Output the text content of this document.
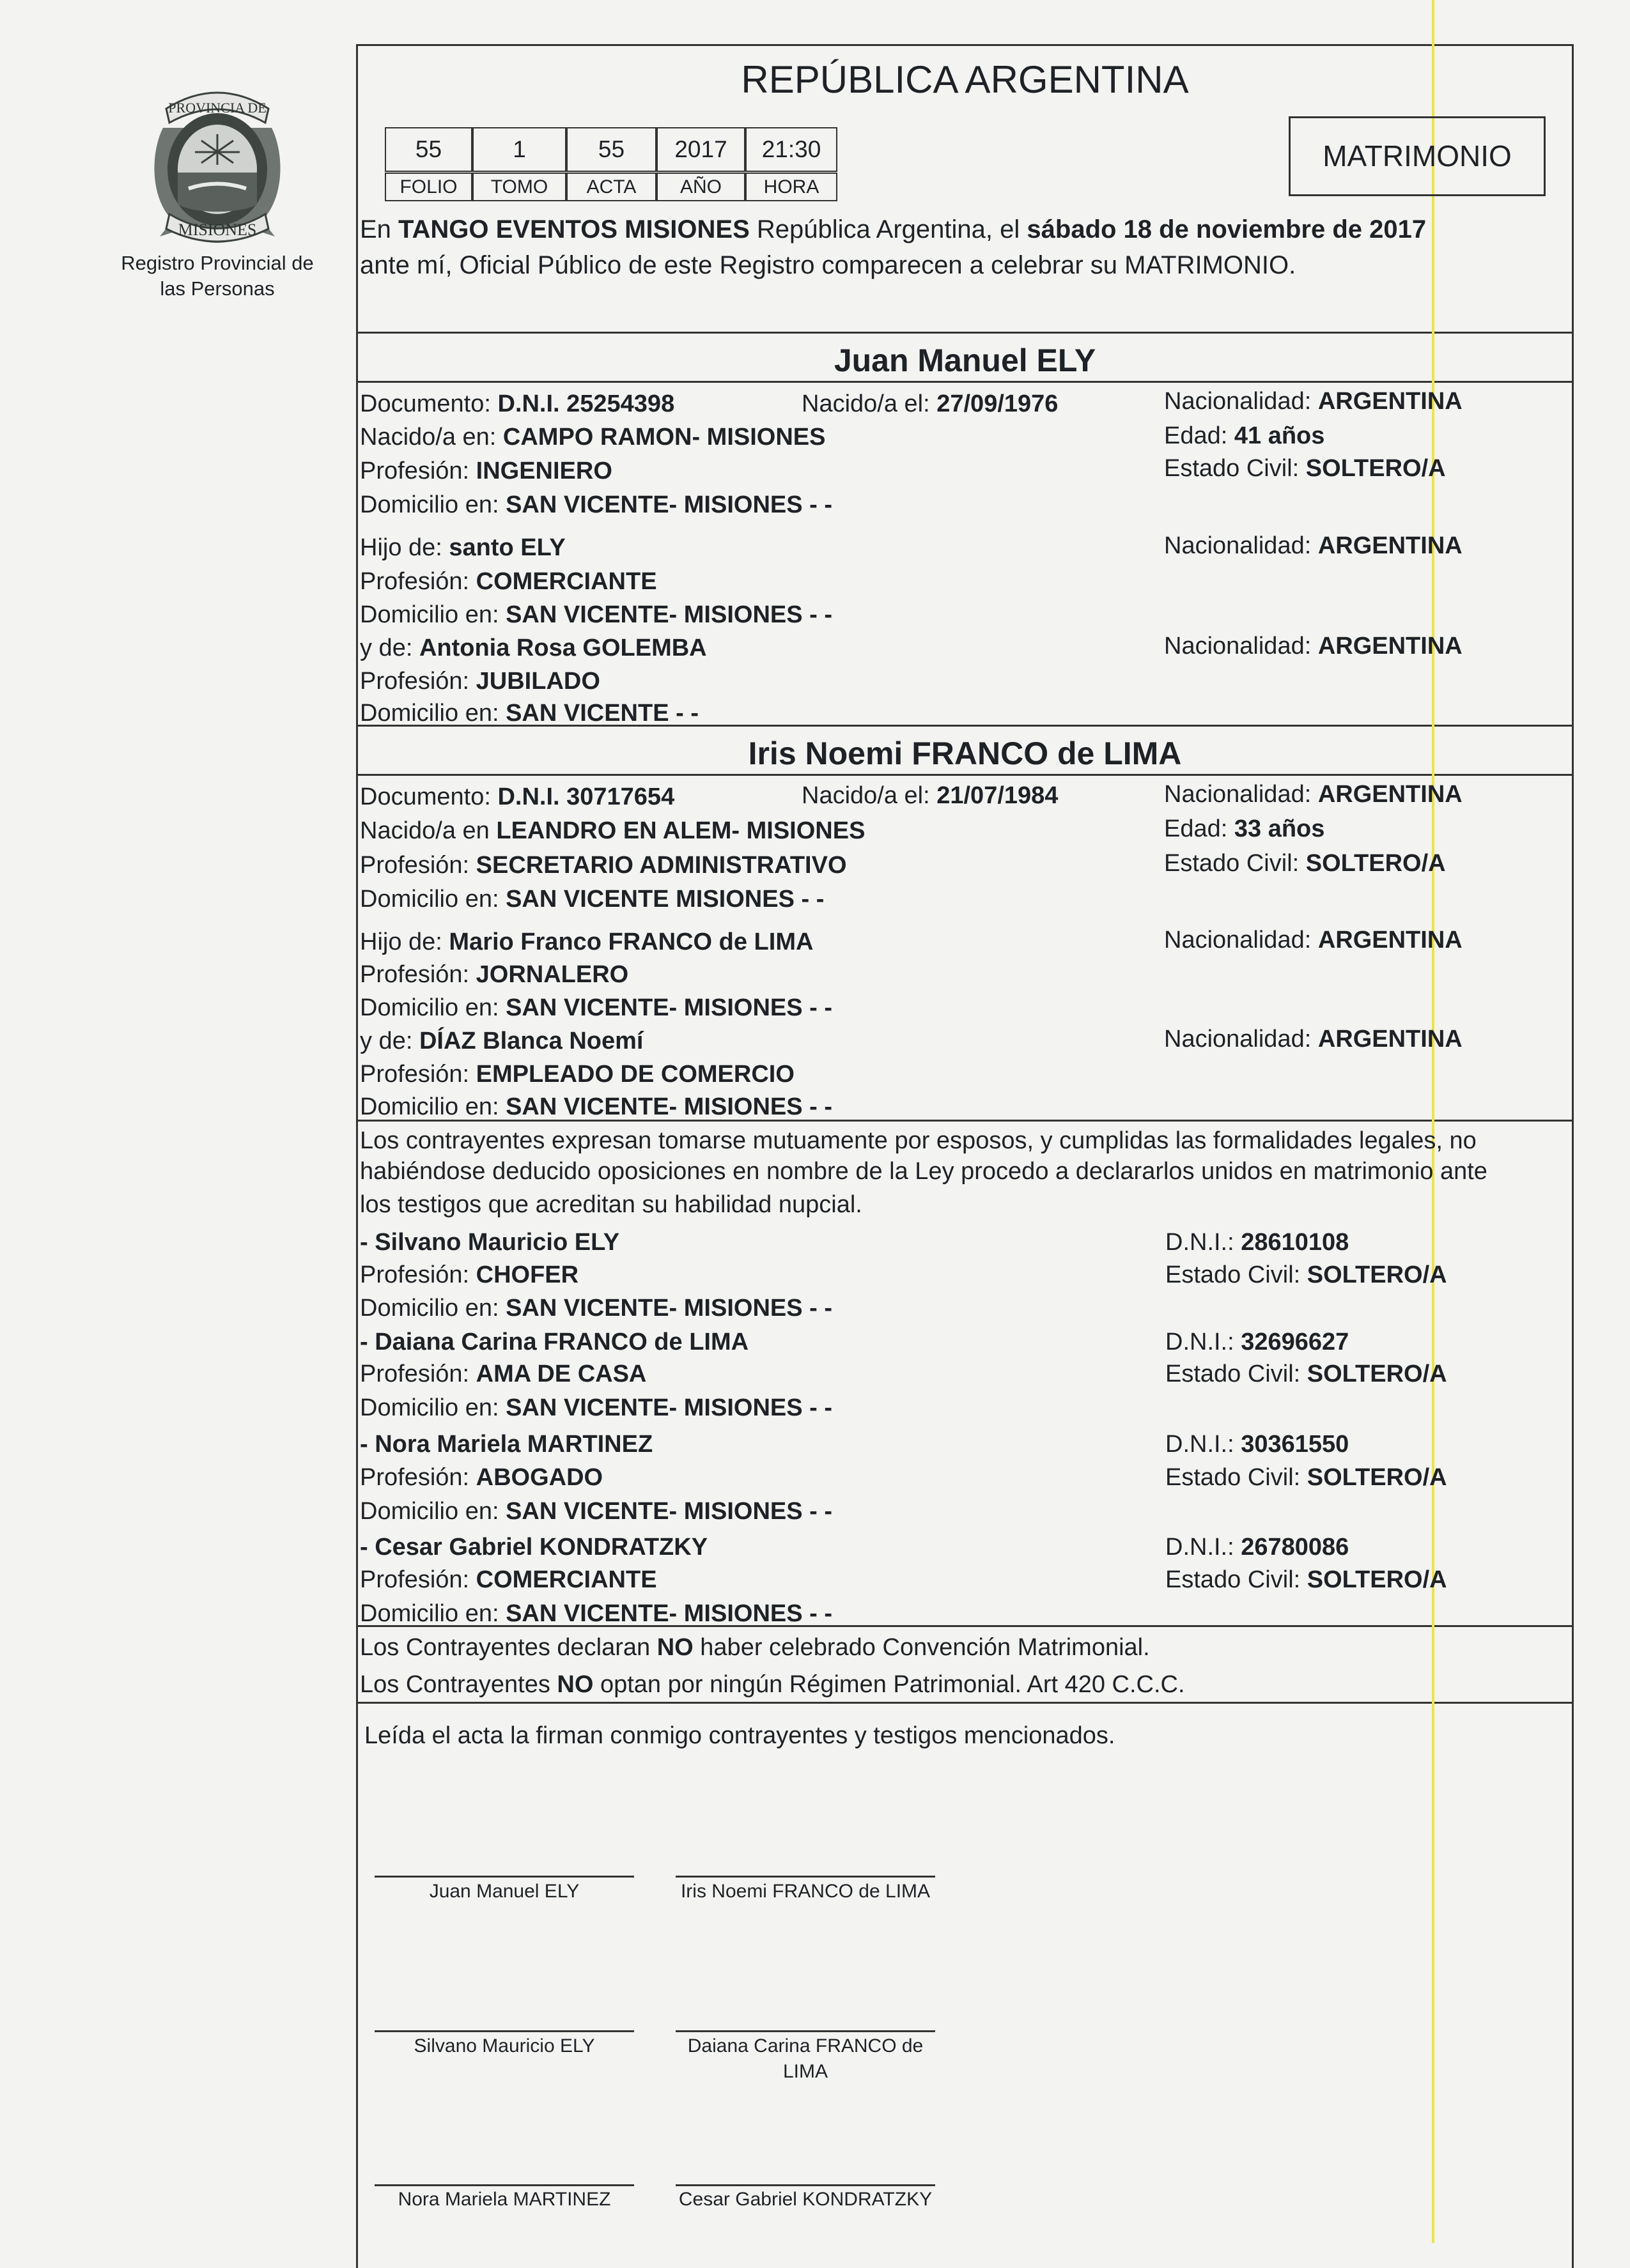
PROVINCIA DE
MISIONES
Registro Provincial de las Personas
REPÚBLICA ARGENTINA
55	1	55	2017	21:30
FOLIO	TOMO	ACTA	AÑO	HORA
MATRIMONIO
En TANGO EVENTOS MISIONES República Argentina, el sábado 18 de noviembre de 2017
ante mí, Oficial Público de este Registro comparecen a celebrar su MATRIMONIO.
Juan Manuel ELY
Documento: D.N.I. 25254398	Nacido/a el: 27/09/1976	Nacionalidad: ARGENTINA
Nacido/a en: CAMPO RAMON- MISIONES	Edad: 41 años
Profesión: INGENIERO	Estado Civil: SOLTERO/A
Domicilio en: SAN VICENTE- MISIONES - -
Hijo de: santo ELY	Nacionalidad: ARGENTINA
Profesión: COMERCIANTE
Domicilio en: SAN VICENTE- MISIONES - -
y de: Antonia Rosa GOLEMBA	Nacionalidad: ARGENTINA
Profesión: JUBILADO
Domicilio en: SAN VICENTE - -
Iris Noemi FRANCO de LIMA
Documento: D.N.I. 30717654	Nacido/a el: 21/07/1984	Nacionalidad: ARGENTINA
Nacido/a en LEANDRO EN ALEM- MISIONES	Edad: 33 años
Profesión: SECRETARIO ADMINISTRATIVO	Estado Civil: SOLTERO/A
Domicilio en: SAN VICENTE MISIONES - -
Hijo de: Mario Franco FRANCO de LIMA	Nacionalidad: ARGENTINA
Profesión: JORNALERO
Domicilio en: SAN VICENTE- MISIONES - -
y de: DÍAZ Blanca Noemí	Nacionalidad: ARGENTINA
Profesión: EMPLEADO DE COMERCIO
Domicilio en: SAN VICENTE- MISIONES - -
Los contrayentes expresan tomarse mutuamente por esposos, y cumplidas las formalidades legales, no
habiéndose deducido oposiciones en nombre de la Ley procedo a declararlos unidos en matrimonio ante
los testigos que acreditan su habilidad nupcial.
- Silvano Mauricio ELY	D.N.I.: 28610108
Profesión: CHOFER	Estado Civil: SOLTERO/A
Domicilio en: SAN VICENTE- MISIONES - -
- Daiana Carina FRANCO de LIMA	D.N.I.: 32696627
Profesión: AMA DE CASA	Estado Civil: SOLTERO/A
Domicilio en: SAN VICENTE- MISIONES - -
- Nora Mariela MARTINEZ	D.N.I.: 30361550
Profesión: ABOGADO	Estado Civil: SOLTERO/A
Domicilio en: SAN VICENTE- MISIONES - -
- Cesar Gabriel KONDRATZKY	D.N.I.: 26780086
Profesión: COMERCIANTE	Estado Civil: SOLTERO/A
Domicilio en: SAN VICENTE- MISIONES - -
Los Contrayentes declaran NO haber celebrado Convención Matrimonial.
Los Contrayentes NO optan por ningún Régimen Patrimonial. Art 420 C.C.C.
Leída el acta la firman conmigo contrayentes y testigos mencionados.
Juan Manuel ELY	Iris Noemi FRANCO de LIMA
Silvano Mauricio ELY	Daiana Carina FRANCO de LIMA
Nora Mariela MARTINEZ	Cesar Gabriel KONDRATZKY
